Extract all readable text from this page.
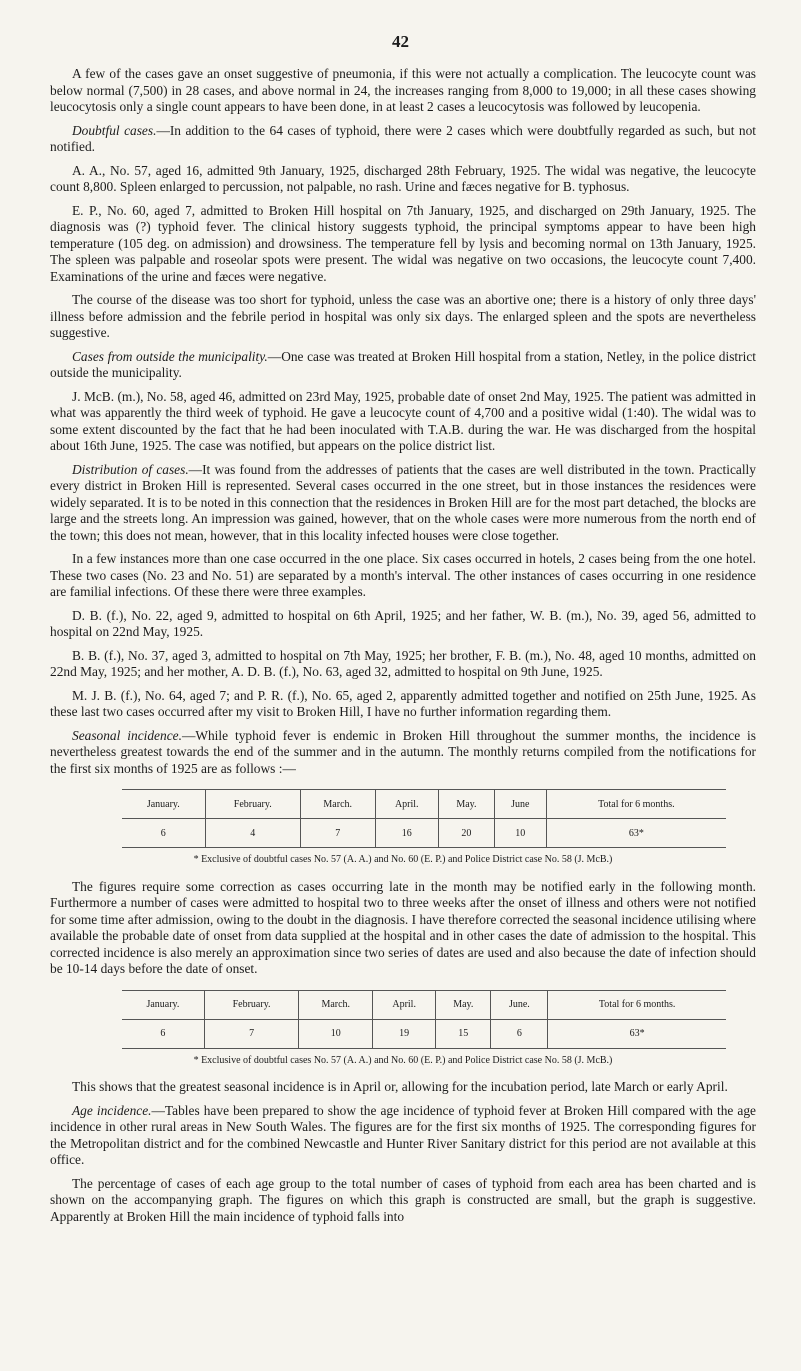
42

A few of the cases gave an onset suggestive of pneumonia, if this were not actually a complication. The leucocyte count was below normal (7,500) in 28 cases, and above normal in 24, the increases ranging from 8,000 to 19,000; in all these cases showing leucocytosis only a single count appears to have been done, in at least 2 cases a leucocytosis was followed by leucopenia.

Doubtful cases.—In addition to the 64 cases of typhoid, there were 2 cases which were doubtfully regarded as such, but not notified.

A. A., No. 57, aged 16, admitted 9th January, 1925, discharged 28th February, 1925. The widal was negative, the leucocyte count 8,800. Spleen enlarged to percussion, not palpable, no rash. Urine and fæces negative for B. typhosus.

E. P., No. 60, aged 7, admitted to Broken Hill hospital on 7th January, 1925, and discharged on 29th January, 1925. The diagnosis was (?) typhoid fever. The clinical history suggests typhoid, the principal symptoms appear to have been high temperature (105 deg. on admission) and drowsiness. The temperature fell by lysis and becoming normal on 13th January, 1925. The spleen was palpable and roseolar spots were present. The widal was negative on two occasions, the leucocyte count 7,400. Examinations of the urine and fæces were negative.

The course of the disease was too short for typhoid, unless the case was an abortive one; there is a history of only three days' illness before admission and the febrile period in hospital was only six days. The enlarged spleen and the spots are nevertheless suggestive.

Cases from outside the municipality.—One case was treated at Broken Hill hospital from a station, Netley, in the police district outside the municipality.

J. McB. (m.), No. 58, aged 46, admitted on 23rd May, 1925, probable date of onset 2nd May, 1925. The patient was admitted in what was apparently the third week of typhoid. He gave a leucocyte count of 4,700 and a positive widal (1:40). The widal was to some extent discounted by the fact that he had been inoculated with T.A.B. during the war. He was discharged from the hospital about 16th June, 1925. The case was notified, but appears on the police district list.

Distribution of cases.—It was found from the addresses of patients that the cases are well distributed in the town. Practically every district in Broken Hill is represented. Several cases occurred in the one street, but in those instances the residences were widely separated. It is to be noted in this connection that the residences in Broken Hill are for the most part detached, the blocks are large and the streets long. An impression was gained, however, that on the whole cases were more numerous from the north end of the town; this does not mean, however, that in this locality infected houses were close together.

In a few instances more than one case occurred in the one place. Six cases occurred in hotels, 2 cases being from the one hotel. These two cases (No. 23 and No. 51) are separated by a month's interval. The other instances of cases occurring in one residence are familial infections. Of these there were three examples.

D. B. (f.), No. 22, aged 9, admitted to hospital on 6th April, 1925; and her father, W. B. (m.), No. 39, aged 56, admitted to hospital on 22nd May, 1925.

B. B. (f.), No. 37, aged 3, admitted to hospital on 7th May, 1925; her brother, F. B. (m.), No. 48, aged 10 months, admitted on 22nd May, 1925; and her mother, A. D. B. (f.), No. 63, aged 32, admitted to hospital on 9th June, 1925.

M. J. B. (f.), No. 64, aged 7; and P. R. (f.), No. 65, aged 2, apparently admitted together and notified on 25th June, 1925. As these last two cases occurred after my visit to Broken Hill, I have no further information regarding them.

Seasonal incidence.—While typhoid fever is endemic in Broken Hill throughout the summer months, the incidence is nevertheless greatest towards the end of the summer and in the autumn. The monthly returns compiled from the notifications for the first six months of 1925 are as follows :—

January.	February.	March.	April.	May.	June	Total for 6 months.
6	4	7	16	20	10	63*

* Exclusive of doubtful cases No. 57 (A. A.) and No. 60 (E. P.) and Police District case No. 58 (J. McB.)

The figures require some correction as cases occurring late in the month may be notified early in the following month. Furthermore a number of cases were admitted to hospital two to three weeks after the onset of illness and others were not notified for some time after admission, owing to the doubt in the diagnosis. I have therefore corrected the seasonal incidence utilising where available the probable date of onset from data supplied at the hospital and in other cases the date of admission to the hospital. This corrected incidence is also merely an approximation since two series of dates are used and also because the date of infection should be 10-14 days before the date of onset.

January.	February.	March.	April.	May.	June.	Total for 6 months.
6	7	10	19	15	6	63*

* Exclusive of doubtful cases No. 57 (A. A.) and No. 60 (E. P.) and Police District case No. 58 (J. McB.)

This shows that the greatest seasonal incidence is in April or, allowing for the incubation period, late March or early April.

Age incidence.—Tables have been prepared to show the age incidence of typhoid fever at Broken Hill compared with the age incidence in other rural areas in New South Wales. The figures are for the first six months of 1925. The corresponding figures for the Metropolitan district and for the combined Newcastle and Hunter River Sanitary district for this period are not available at this office.

The percentage of cases of each age group to the total number of cases of typhoid from each area has been charted and is shown on the accompanying graph. The figures on which this graph is constructed are small, but the graph is suggestive. Apparently at Broken Hill the main incidence of typhoid falls into
